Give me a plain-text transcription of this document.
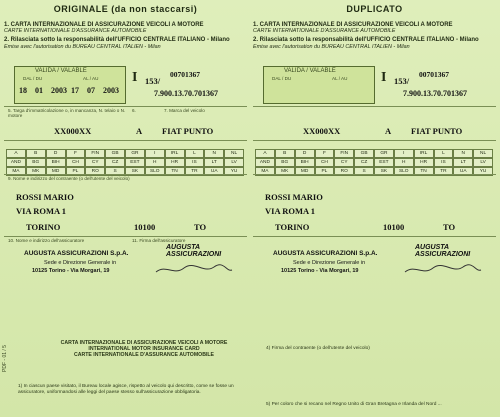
ORIGINALE (da non staccarsi)
1. CARTA INTERNAZIONALE DI ASSICURAZIONE VEICOLI A MOTORE
CARTE INTERNATIONALE D'ASSURANCE AUTOMOBILE
2. Rilasciata sotto la responsabilità dell'UFFICIO CENTRALE ITALIANO - Milano
Emise avec l'autorisation du BUREAU CENTRAL ITALIEN - Milan
VALIDA / VALABLE
DAL / DU	AL / AU
18 01 2003 17 07 2003
I 153/
00701367
7.900.13.70.701367
5. Targa d'immatricolazione o, in mancanza, N. telaio o N. motore
6.	7. Marca del veicolo
XX000XX	A FIAT PUNTO
A	B	D	F	FIN	GB	GR	I	IRL	L	N	NL
AND	BG	BIH	CH	CY	CZ	EST	H	HR	IS	LT	LV
MA	MK	MD	PL	RO	S	SK	SLO	TN	TR	UA	YU
9. Nome e indirizzo del contraente (o dell'utente del veicolo)
ROSSI MARIO
VIA ROMA 1
TORINO	10100	TO
10. Nome e indirizzo dell'assicuratore	11. Firma dell'assicuratore
AUGUSTA ASSICURAZIONI S.p.A.
Sede e Direzione Generale in
10125 Torino - Via Morgari, 19
AUGUSTA ASSICURAZIONI
DUPLICATO
1. CARTA INTERNAZIONALE DI ASSICURAZIONE VEICOLI A MOTORE
CARTE INTERNATIONALE D'ASSURANCE AUTOMOBILE
2. Rilasciata sotto la responsabilità dell'UFFICIO CENTRALE ITALIANO - Milano
Emise avec l'autorisation du BUREAU CENTRAL ITALIEN - Milan
VALIDA / VALABLE
DAL / DU	AL / AU I 153/
00701367
7.900.13.70.701367
XX000XX	A FIAT PUNTO
A	B	D	F	FIN	GB	GR	I	IRL	L	N	NL
AND	BG	BIH	CH	CY	CZ	EST	H	HR	IS	LT	LV
MA	MK	MD	PL	RO	S	SK	SLO	TN	TR	UA	YU
ROSSI MARIO
VIA ROMA 1
TORINO	10100	TO
AUGUSTA ASSICURAZIONI S.p.A.
Sede e Direzione Generale in
10125 Torino - Via Morgari, 19
AUGUSTA ASSICURAZIONI
CARTA INTERNAZIONALE DI ASSICURAZIONE VEICOLI A MOTORE
INTERNATIONAL MOTOR INSURANCE CARD
CARTE INTERNATIONALE D'ASSURANCE AUTOMOBILE
1) In ciascun paese visitato, il Bureau locale agisce, rispetto al veicolo qui descritto, come se fosse un assicuratore, uniformandosi alle leggi del paese stesso sull'assicurazione obbligatoria.
4) Firma del contraente (o dell'utente del veicolo)
5) Per coloro che si recano nel Regno Unito di Gran Bretagna e Irlanda del Nord ...
PDF - 01 / 5
